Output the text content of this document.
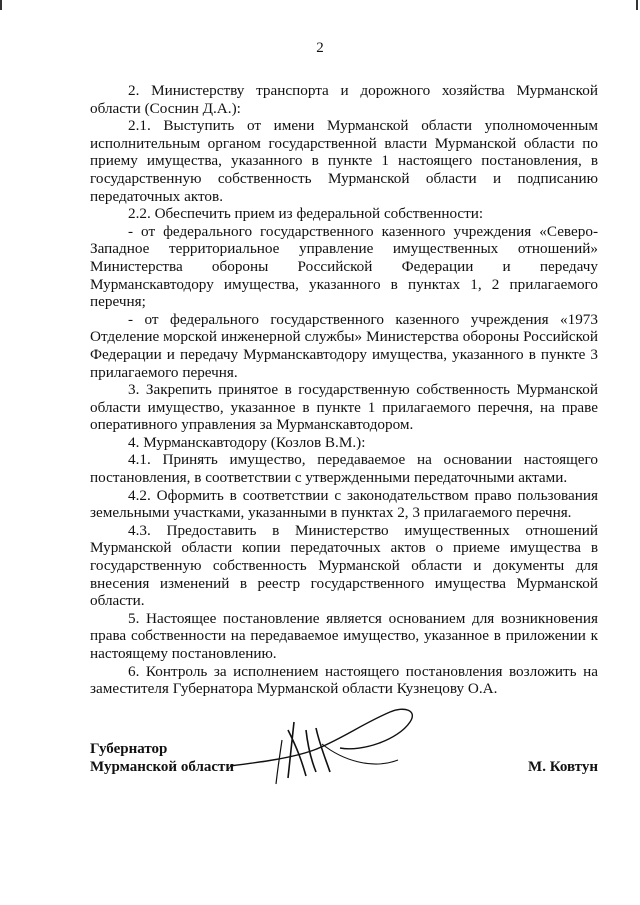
2

2. Министерству транспорта и дорожного хозяйства Мурманской области (Соснин Д.А.):

2.1. Выступить от имени Мурманской области уполномоченным исполнительным органом государственной власти Мурманской области по приему имущества, указанного в пункте 1 настоящего постановления, в государственную собственность Мурманской области и подписанию передаточных актов.

2.2. Обеспечить прием из федеральной собственности:

- от федерального государственного казенного учреждения «Северо-Западное территориальное управление имущественных отношений» Министерства обороны Российской Федерации и передачу Мурманскавтодору имущества, указанного в пунктах 1, 2 прилагаемого перечня;

- от федерального государственного казенного учреждения «1973 Отделение морской инженерной службы» Министерства обороны Российской Федерации и передачу Мурманскавтодору имущества, указанного в пункте 3 прилагаемого перечня.

3. Закрепить принятое в государственную собственность Мурманской области имущество, указанное в пункте 1 прилагаемого перечня, на праве оперативного управления за Мурманскавтодором.

4. Мурманскавтодору (Козлов В.М.):

4.1. Принять имущество, передаваемое на основании настоящего постановления, в соответствии с утвержденными передаточными актами.

4.2. Оформить в соответствии с законодательством право пользования земельными участками, указанными в пунктах 2, 3 прилагаемого перечня.

4.3. Предоставить в Министерство имущественных отношений Мурманской области копии передаточных актов о приеме имущества в государственную собственность Мурманской области и документы для внесения изменений в реестр государственного имущества Мурманской области.

5. Настоящее постановление является основанием для возникновения права собственности на передаваемое имущество, указанное в приложении к настоящему постановлению.

6. Контроль за исполнением настоящего постановления возложить на заместителя Губернатора Мурманской области Кузнецову О.А.

Губернатор
Мурманской области	М. Ковтун
